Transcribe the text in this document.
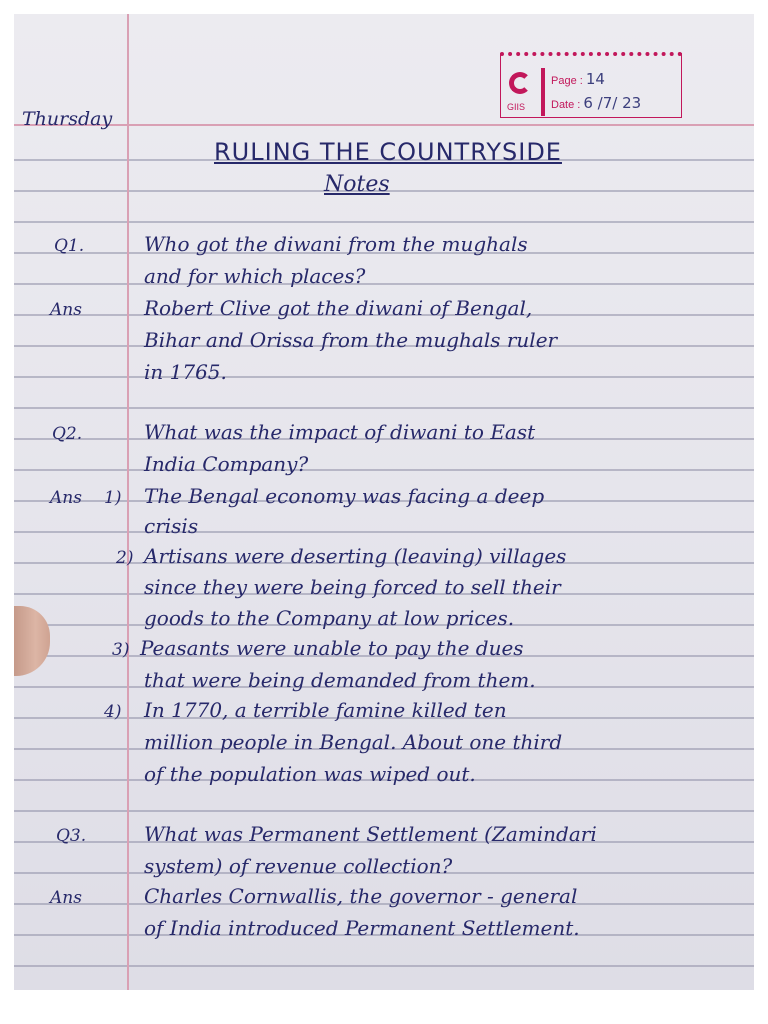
GIIS
Page : 14
Date : 6 /7/ 23
Thursday
RULING THE COUNTRYSIDE
Notes
Q1.	Who got the diwani from the mughals
and for which places?
Ans	Robert Clive got the diwani of Bengal,
Bihar and Orissa from the mughals ruler
in 1765.
Q2.	What was the impact of diwani to East
India Company?
Ans 1) The Bengal economy was facing a deep
crisis
2) Artisans were deserting (leaving) villages
since they were being forced to sell their
goods to the Company at low prices.
3) Peasants were unable to pay the dues
that were being demanded from them.
4) In 1770, a terrible famine killed ten
million people in Bengal. About one third
of the population was wiped out.
Q3.	What was Permanent Settlement (Zamindari
system) of revenue collection?
Ans	Charles Cornwallis, the governor - general
of India introduced Permanent Settlement.
